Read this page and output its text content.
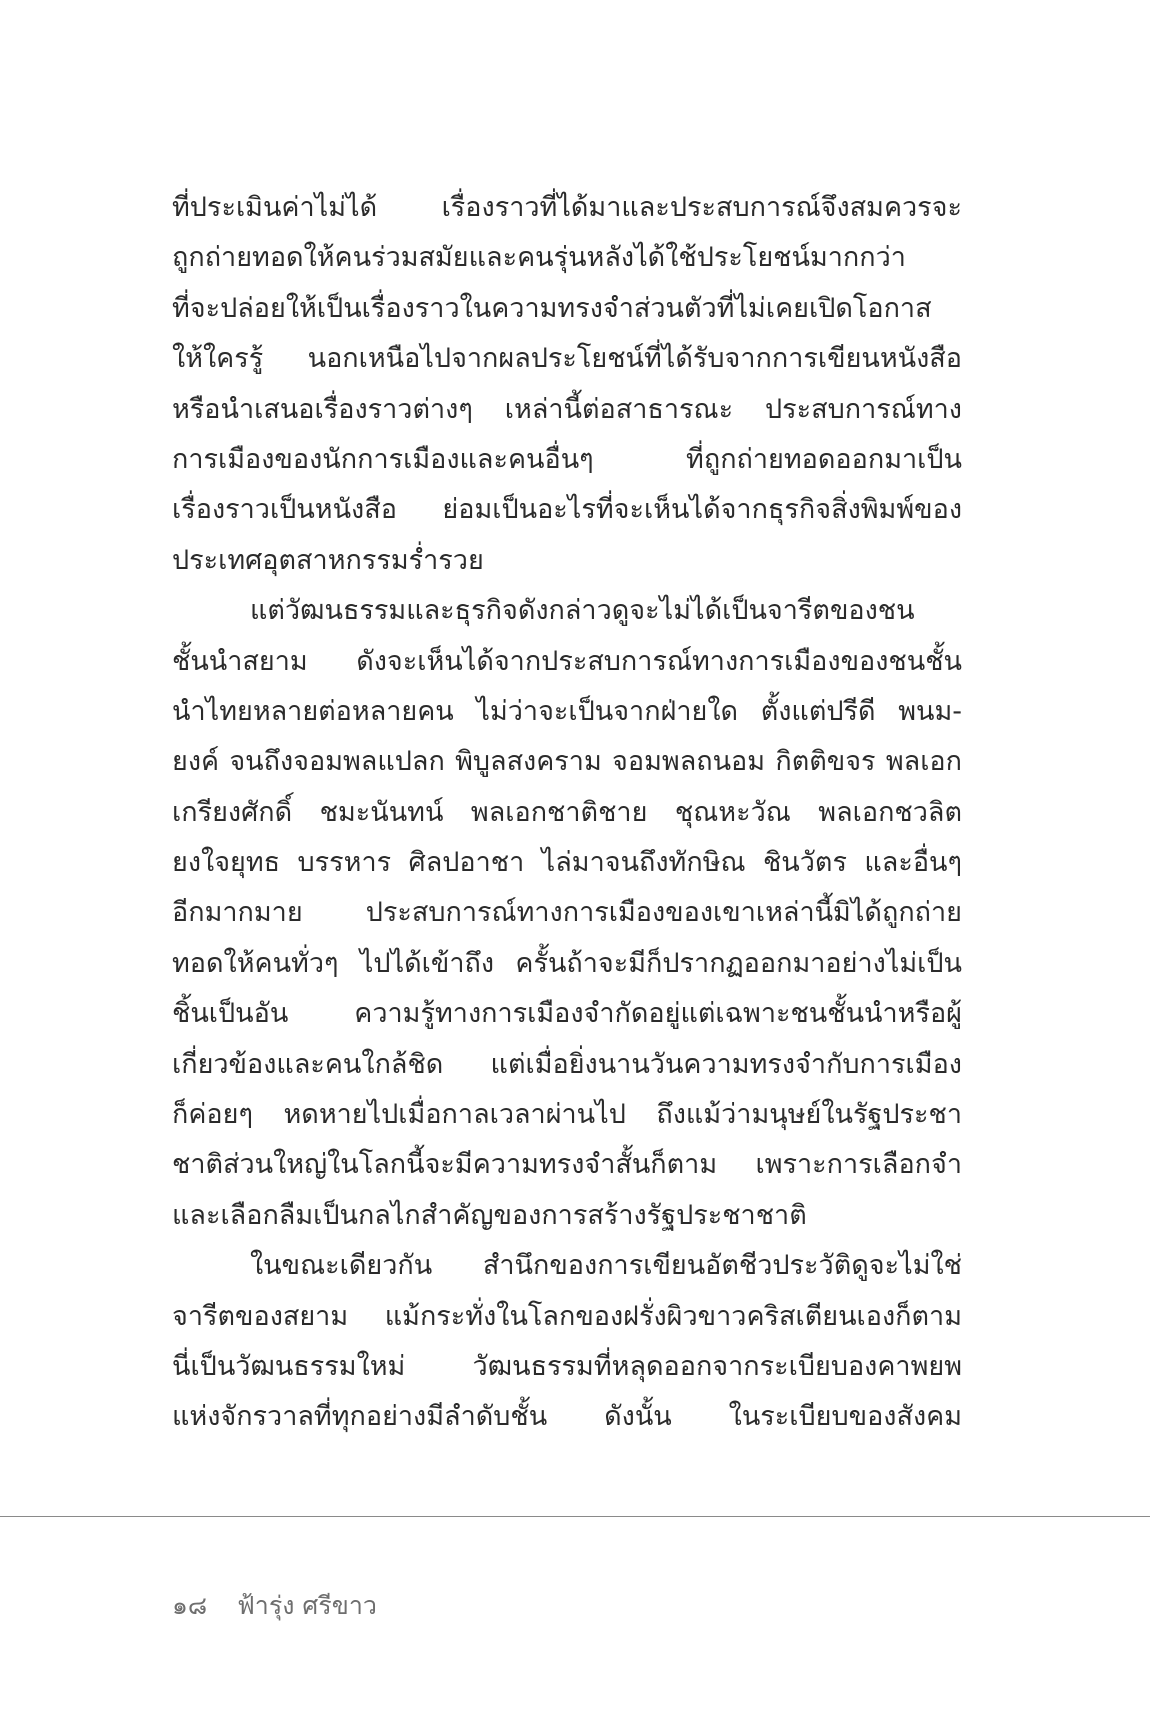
ที่ประเมินค่าไม่ได้ เรื่องราวที่ได้มาและประสบการณ์จึงสมควรจะ
ถูกถ่ายทอดให้คนร่วมสมัยและคนรุ่นหลังได้ใช้ประโยชน์มากกว่า
ที่จะปล่อยให้เป็นเรื่องราวในความทรงจำส่วนตัวที่ไม่เคยเปิดโอกาส
ให้ใครรู้ นอกเหนือไปจากผลประโยชน์ที่ได้รับจากการเขียนหนังสือ
หรือนำเสนอเรื่องราวต่างๆ เหล่านี้ต่อสาธารณะ ประสบการณ์ทาง
การเมืองของนักการเมืองและคนอื่นๆ ที่ถูกถ่ายทอดออกมาเป็น
เรื่องราวเป็นหนังสือ ย่อมเป็นอะไรที่จะเห็นได้จากธุรกิจสิ่งพิมพ์ของ
ประเทศอุตสาหกรรมร่ำรวย
แต่วัฒนธรรมและธุรกิจดังกล่าวดูจะไม่ได้เป็นจารีตของชน
ชั้นนำสยาม ดังจะเห็นได้จากประสบการณ์ทางการเมืองของชนชั้น
นำไทยหลายต่อหลายคน ไม่ว่าจะเป็นจากฝ่ายใด ตั้งแต่ปรีดี พนม-
ยงค์ จนถึงจอมพลแปลก พิบูลสงคราม จอมพลถนอม กิตติขจร พลเอก
เกรียงศักดิ์ ชมะนันทน์ พลเอกชาติชาย ชุณหะวัณ พลเอกชวลิต
ยงใจยุทธ บรรหาร ศิลปอาชา ไล่มาจนถึงทักษิณ ชินวัตร และอื่นๆ
อีกมากมาย ประสบการณ์ทางการเมืองของเขาเหล่านี้มิได้ถูกถ่าย
ทอดให้คนทั่วๆ ไปได้เข้าถึง ครั้นถ้าจะมีก็ปรากฏออกมาอย่างไม่เป็น
ชิ้นเป็นอัน ความรู้ทางการเมืองจำกัดอยู่แต่เฉพาะชนชั้นนำหรือผู้
เกี่ยวข้องและคนใกล้ชิด แต่เมื่อยิ่งนานวันความทรงจำกับการเมือง
ก็ค่อยๆ หดหายไปเมื่อกาลเวลาผ่านไป ถึงแม้ว่ามนุษย์ในรัฐประชา
ชาติส่วนใหญ่ในโลกนี้จะมีความทรงจำสั้นก็ตาม เพราะการเลือกจำ
และเลือกลืมเป็นกลไกสำคัญของการสร้างรัฐประชาชาติ
ในขณะเดียวกัน สำนึกของการเขียนอัตชีวประวัติดูจะไม่ใช่
จารีตของสยาม แม้กระทั่งในโลกของฝรั่งผิวขาวคริสเตียนเองก็ตาม
นี่เป็นวัฒนธรรมใหม่ วัฒนธรรมที่หลุดออกจากระเบียบองคาพยพ
แห่งจักรวาลที่ทุกอย่างมีลำดับชั้น ดังนั้น ในระเบียบของสังคม
๑๘ ฟ้ารุ่ง ศรีขาว
